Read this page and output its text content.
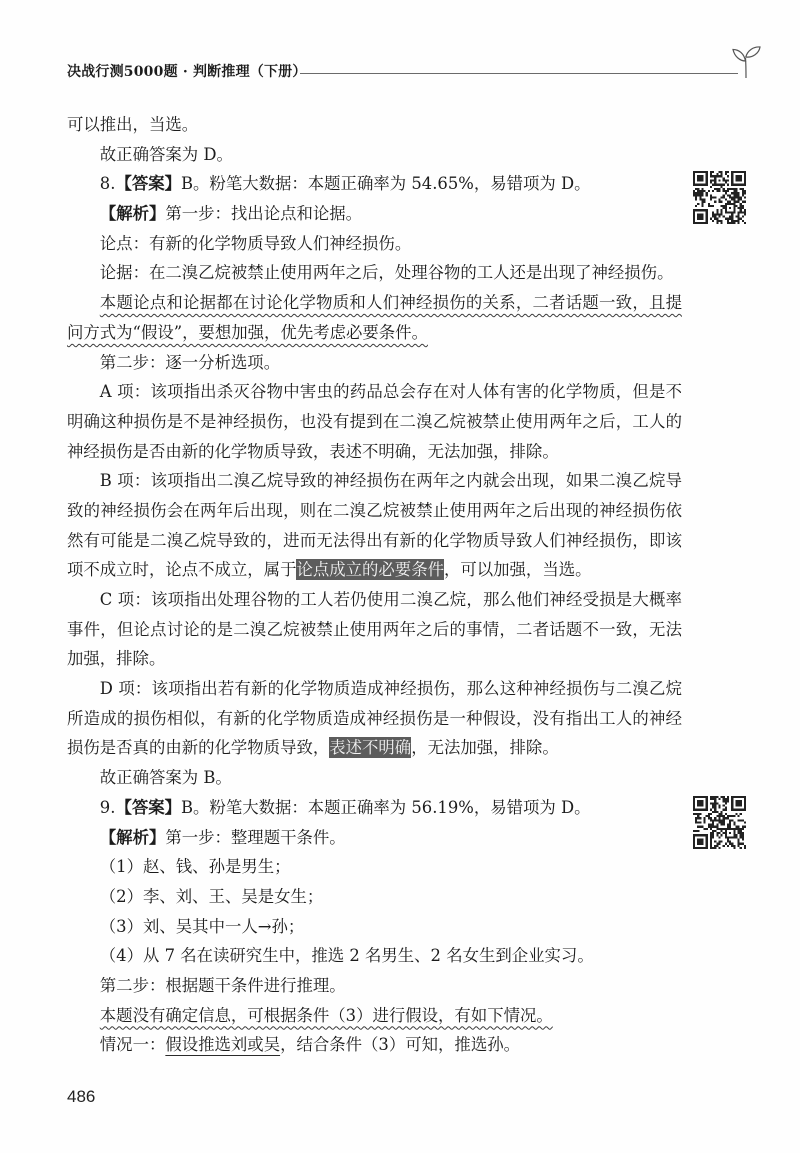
决战行测5000题 · 判断推理（下册）
可以推出，当选。
故正确答案为 D。
8.【答案】B。粉笔大数据：本题正确率为 54.65%，易错项为 D。
【解析】第一步：找出论点和论据。
论点：有新的化学物质导致人们神经损伤。
论据：在二溴乙烷被禁止使用两年之后，处理谷物的工人还是出现了神经损伤。
本题论点和论据都在讨论化学物质和人们神经损伤的关系，二者话题一致，且提
问方式为“假设”，要想加强，优先考虑必要条件。
第二步：逐一分析选项。
A 项：该项指出杀灭谷物中害虫的药品总会存在对人体有害的化学物质，但是不
明确这种损伤是不是神经损伤，也没有提到在二溴乙烷被禁止使用两年之后，工人的
神经损伤是否由新的化学物质导致，表述不明确，无法加强，排除。
B 项：该项指出二溴乙烷导致的神经损伤在两年之内就会出现，如果二溴乙烷导
致的神经损伤会在两年后出现，则在二溴乙烷被禁止使用两年之后出现的神经损伤依
然有可能是二溴乙烷导致的，进而无法得出有新的化学物质导致人们神经损伤，即该
项不成立时，论点不成立，属于论点成立的必要条件，可以加强，当选。
C 项：该项指出处理谷物的工人若仍使用二溴乙烷，那么他们神经受损是大概率
事件，但论点讨论的是二溴乙烷被禁止使用两年之后的事情，二者话题不一致，无法
加强，排除。
D 项：该项指出若有新的化学物质造成神经损伤，那么这种神经损伤与二溴乙烷
所造成的损伤相似，有新的化学物质造成神经损伤是一种假设，没有指出工人的神经
损伤是否真的由新的化学物质导致，表述不明确，无法加强，排除。
故正确答案为 B。
9.【答案】B。粉笔大数据：本题正确率为 56.19%，易错项为 D。
【解析】第一步：整理题干条件。
（1）赵、钱、孙是男生；
（2）李、刘、王、吴是女生；
（3）刘、吴其中一人→孙；
（4）从 7 名在读研究生中，推选 2 名男生、2 名女生到企业实习。
第二步：根据题干条件进行推理。
本题没有确定信息，可根据条件（3）进行假设，有如下情况。
情况一：假设推选刘或吴，结合条件（3）可知，推选孙。
486
